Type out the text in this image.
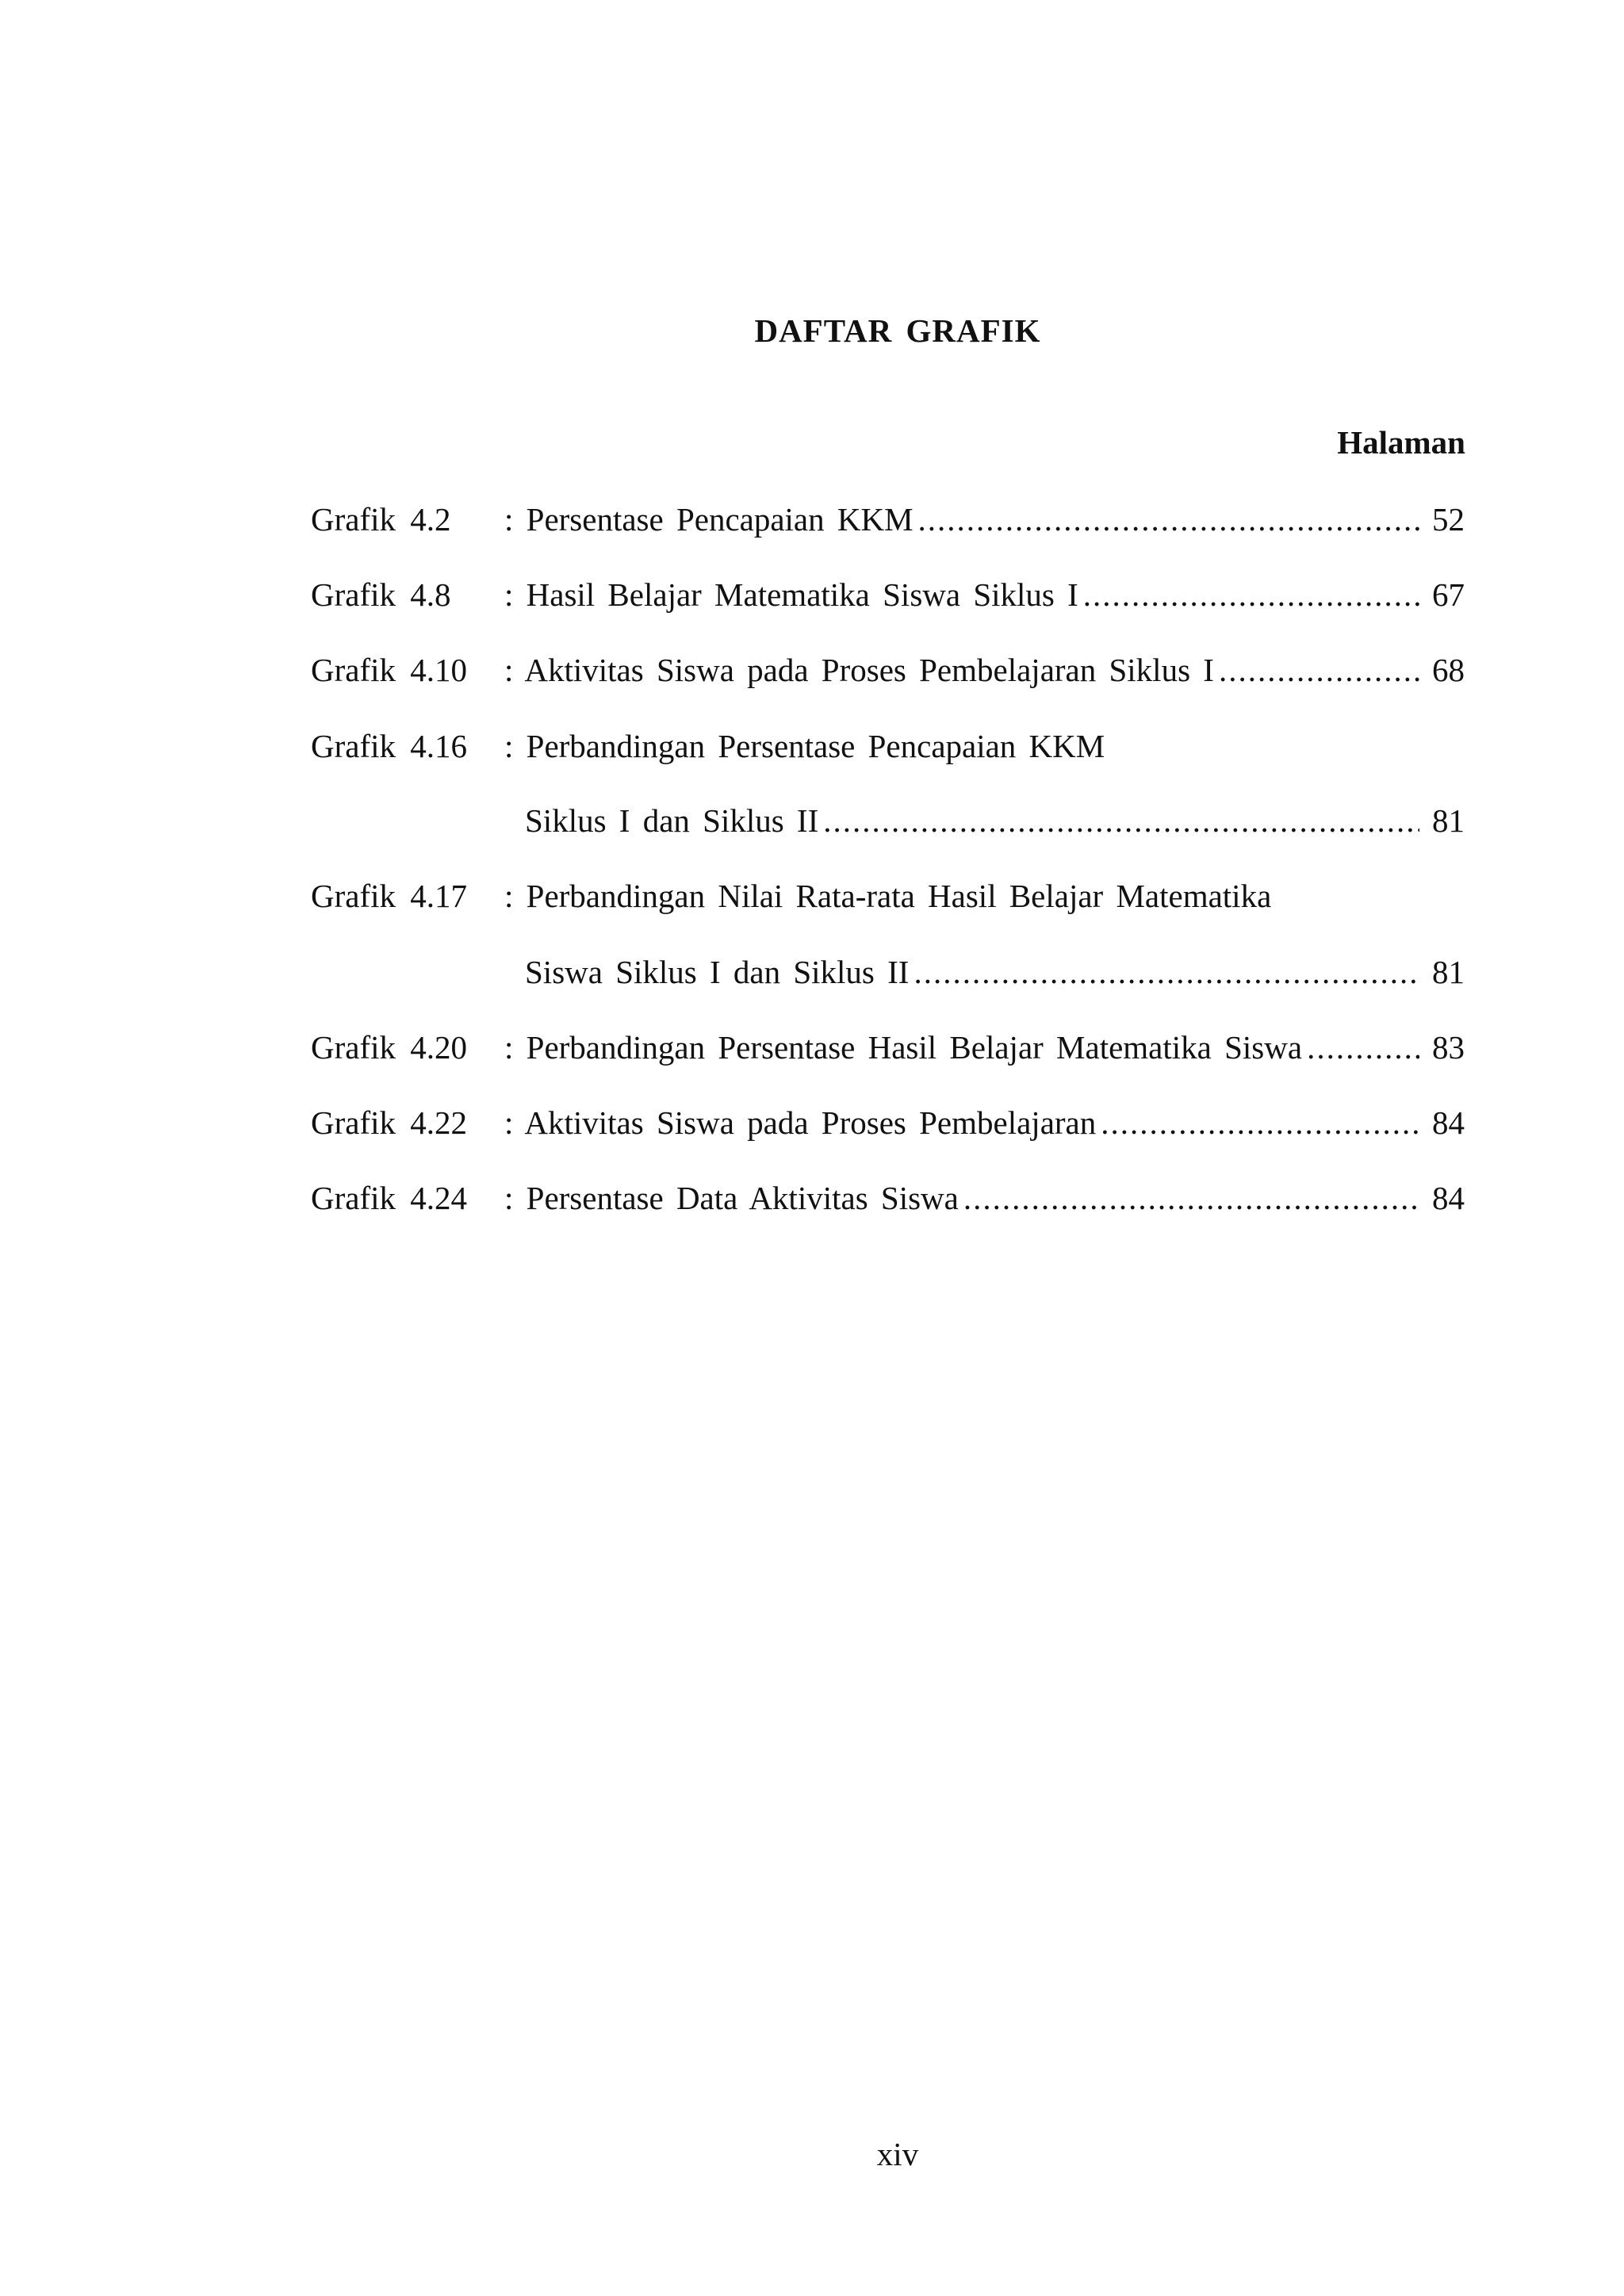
DAFTAR GRAFIK
Halaman
Grafik 4.2 : Persentase Pencapaian KKM .....	52
Grafik 4.8 : Hasil Belajar Matematika Siswa Siklus I .....	67
Grafik 4.10 : Aktivitas Siswa pada Proses Pembelajaran Siklus I .....	68
Grafik 4.16 : Perbandingan Persentase Pencapaian KKM
Siklus I dan Siklus II .....	81
Grafik 4.17 : Perbandingan Nilai Rata-rata Hasil Belajar Matematika
Siswa Siklus I dan Siklus II .....	81
Grafik 4.20 : Perbandingan Persentase Hasil Belajar Matematika Siswa .....	83
Grafik 4.22 : Aktivitas Siswa pada Proses Pembelajaran .....	84
Grafik 4.24 : Persentase Data Aktivitas Siswa .....	84
xiv
